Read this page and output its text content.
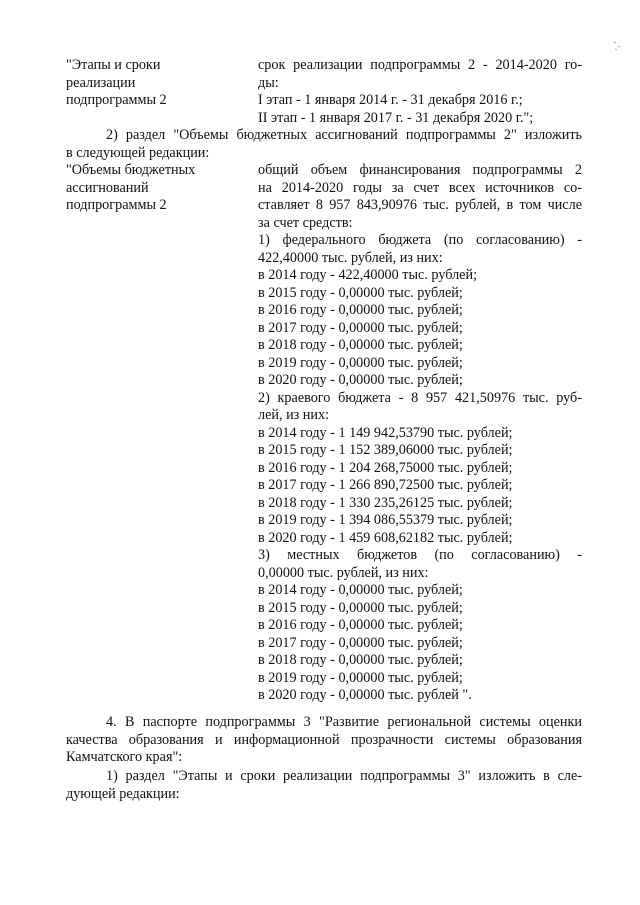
"Этапы и сроки
реализации
подпрограммы 2
срок реализации подпрограммы 2 - 2014-2020 го-
ды:
I этап - 1 января 2014 г. - 31 декабря 2016 г.;
II этап - 1 января 2017 г. - 31 декабря 2020 г.";
2) раздел "Объемы бюджетных ассигнований подпрограммы 2" изложить
в следующей редакции:
"Объемы бюджетных
ассигнований
подпрограммы 2
общий объем финансирования подпрограммы 2
на 2014-2020 годы за счет всех источников со-
ставляет 8 957 843,90976 тыс. рублей, в том числе
за счет средств:
1) федерального бюджета (по согласованию) -
422,40000 тыс. рублей, из них:
в 2014 году - 422,40000 тыс. рублей;
в 2015 году - 0,00000 тыс. рублей;
в 2016 году - 0,00000 тыс. рублей;
в 2017 году - 0,00000 тыс. рублей;
в 2018 году - 0,00000 тыс. рублей;
в 2019 году - 0,00000 тыс. рублей;
в 2020 году - 0,00000 тыс. рублей;
2) краевого бюджета - 8 957 421,50976 тыс. руб-
лей, из них:
в 2014 году - 1 149 942,53790 тыс. рублей;
в 2015 году - 1 152 389,06000 тыс. рублей;
в 2016 году - 1 204 268,75000 тыс. рублей;
в 2017 году - 1 266 890,72500 тыс. рублей;
в 2018 году - 1 330 235,26125 тыс. рублей;
в 2019 году - 1 394 086,55379 тыс. рублей;
в 2020 году - 1 459 608,62182 тыс. рублей;
3) местных бюджетов (по согласованию) -
0,00000 тыс. рублей, из них:
в 2014 году - 0,00000 тыс. рублей;
в 2015 году - 0,00000 тыс. рублей;
в 2016 году - 0,00000 тыс. рублей;
в 2017 году - 0,00000 тыс. рублей;
в 2018 году - 0,00000 тыс. рублей;
в 2019 году - 0,00000 тыс. рублей;
в 2020 году - 0,00000 тыс. рублей ".
4. В паспорте подпрограммы 3 "Развитие региональной системы оценки
качества образования и информационной прозрачности системы образования
Камчатского края":
1) раздел "Этапы и сроки реализации подпрограммы 3" изложить в сле-
дующей редакции:
